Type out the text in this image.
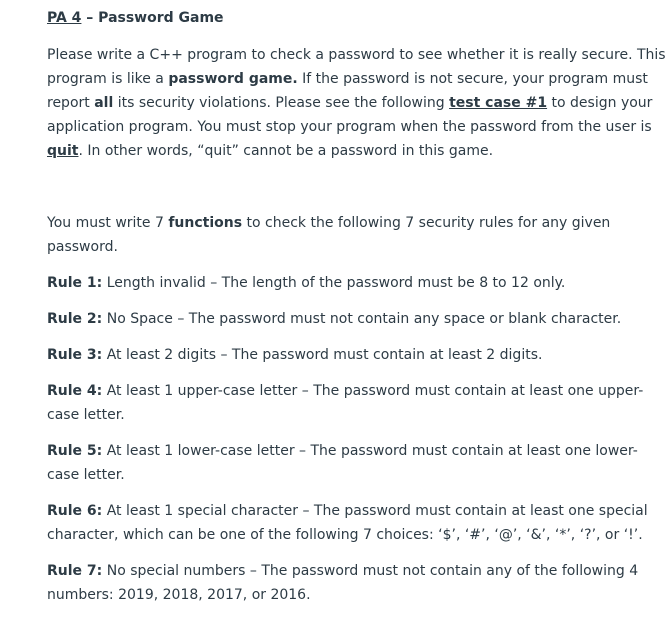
PA 4 – Password Game

Please write a C++ program to check a password to see whether it is really secure. This program is like a password game. If the password is not secure, your program must report all its security violations. Please see the following test case #1 to design your application program. You must stop your program when the password from the user is quit. In other words, “quit” cannot be a password in this game.

You must write 7 functions to check the following 7 security rules for any given password.

Rule 1: Length invalid – The length of the password must be 8 to 12 only.

Rule 2: No Space – The password must not contain any space or blank character.

Rule 3: At least 2 digits – The password must contain at least 2 digits.

Rule 4: At least 1 upper-case letter – The password must contain at least one upper-case letter.

Rule 5: At least 1 lower-case letter – The password must contain at least one lower-case letter.

Rule 6: At least 1 special character – The password must contain at least one special character, which can be one of the following 7 choices: ‘$’, ‘#’, ‘@’, ‘&’, ‘*’, ‘?’, or ‘!’.

Rule 7: No special numbers – The password must not contain any of the following 4 numbers: 2019, 2018, 2017, or 2016.
